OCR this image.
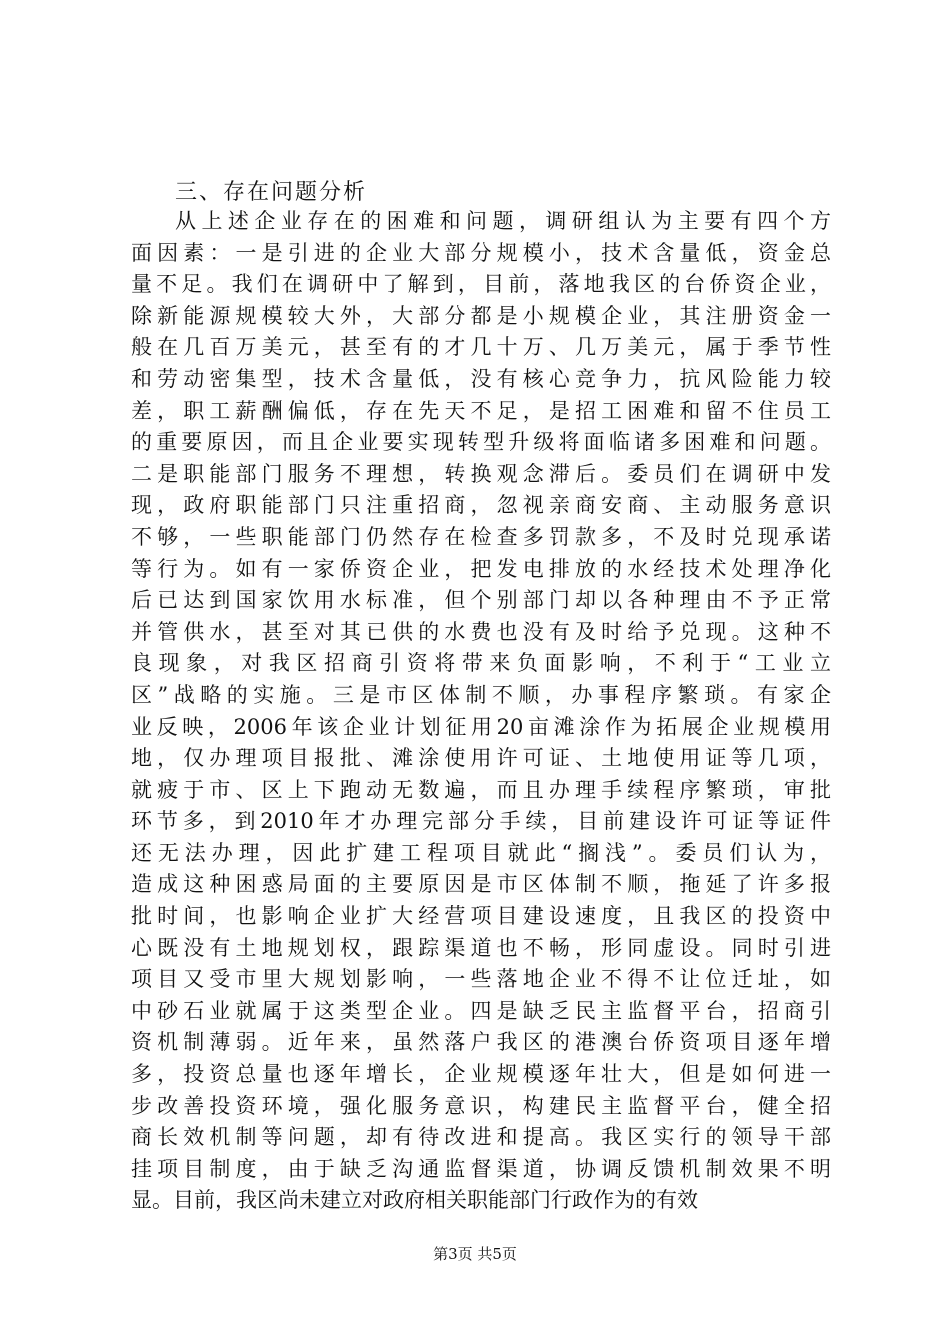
三、存在问题分析

从上述企业存在的困难和问题，调研组认为主要有四个方
面因素：一是引进的企业大部分规模小，技术含量低，资金总
量不足。我们在调研中了解到，目前，落地我区的台侨资企业，
除新能源规模较大外，大部分都是小规模企业，其注册资金一
般在几百万美元，甚至有的才几十万、几万美元，属于季节性
和劳动密集型，技术含量低，没有核心竞争力，抗风险能力较
差，职工薪酬偏低，存在先天不足，是招工困难和留不住员工
的重要原因，而且企业要实现转型升级将面临诸多困难和问题。
二是职能部门服务不理想，转换观念滞后。委员们在调研中发
现，政府职能部门只注重招商，忽视亲商安商、主动服务意识
不够，一些职能部门仍然存在检查多罚款多，不及时兑现承诺
等行为。如有一家侨资企业，把发电排放的水经技术处理净化
后已达到国家饮用水标准，但个别部门却以各种理由不予正常
并管供水，甚至对其已供的水费也没有及时给予兑现。这种不
良现象，对我区招商引资将带来负面影响，不利于“工业立
区”战略的实施。三是市区体制不顺，办事程序繁琐。有家企
业反映，2006年该企业计划征用20亩滩涂作为拓展企业规模用
地，仅办理项目报批、滩涂使用许可证、土地使用证等几项，
就疲于市、区上下跑动无数遍，而且办理手续程序繁琐，审批
环节多，到2010年才办理完部分手续，目前建设许可证等证件
还无法办理，因此扩建工程项目就此“搁浅”。委员们认为，
造成这种困惑局面的主要原因是市区体制不顺，拖延了许多报
批时间，也影响企业扩大经营项目建设速度，且我区的投资中
心既没有土地规划权，跟踪渠道也不畅，形同虚设。同时引进
项目又受市里大规划影响，一些落地企业不得不让位迁址，如
中砂石业就属于这类型企业。四是缺乏民主监督平台，招商引
资机制薄弱。近年来，虽然落户我区的港澳台侨资项目逐年增
多，投资总量也逐年增长，企业规模逐年壮大，但是如何进一
步改善投资环境，强化服务意识，构建民主监督平台，健全招
商长效机制等问题，却有待改进和提高。我区实行的领导干部
挂项目制度，由于缺乏沟通监督渠道，协调反馈机制效果不明
显。目前，我区尚未建立对政府相关职能部门行政作为的有效
第3页 共5页
